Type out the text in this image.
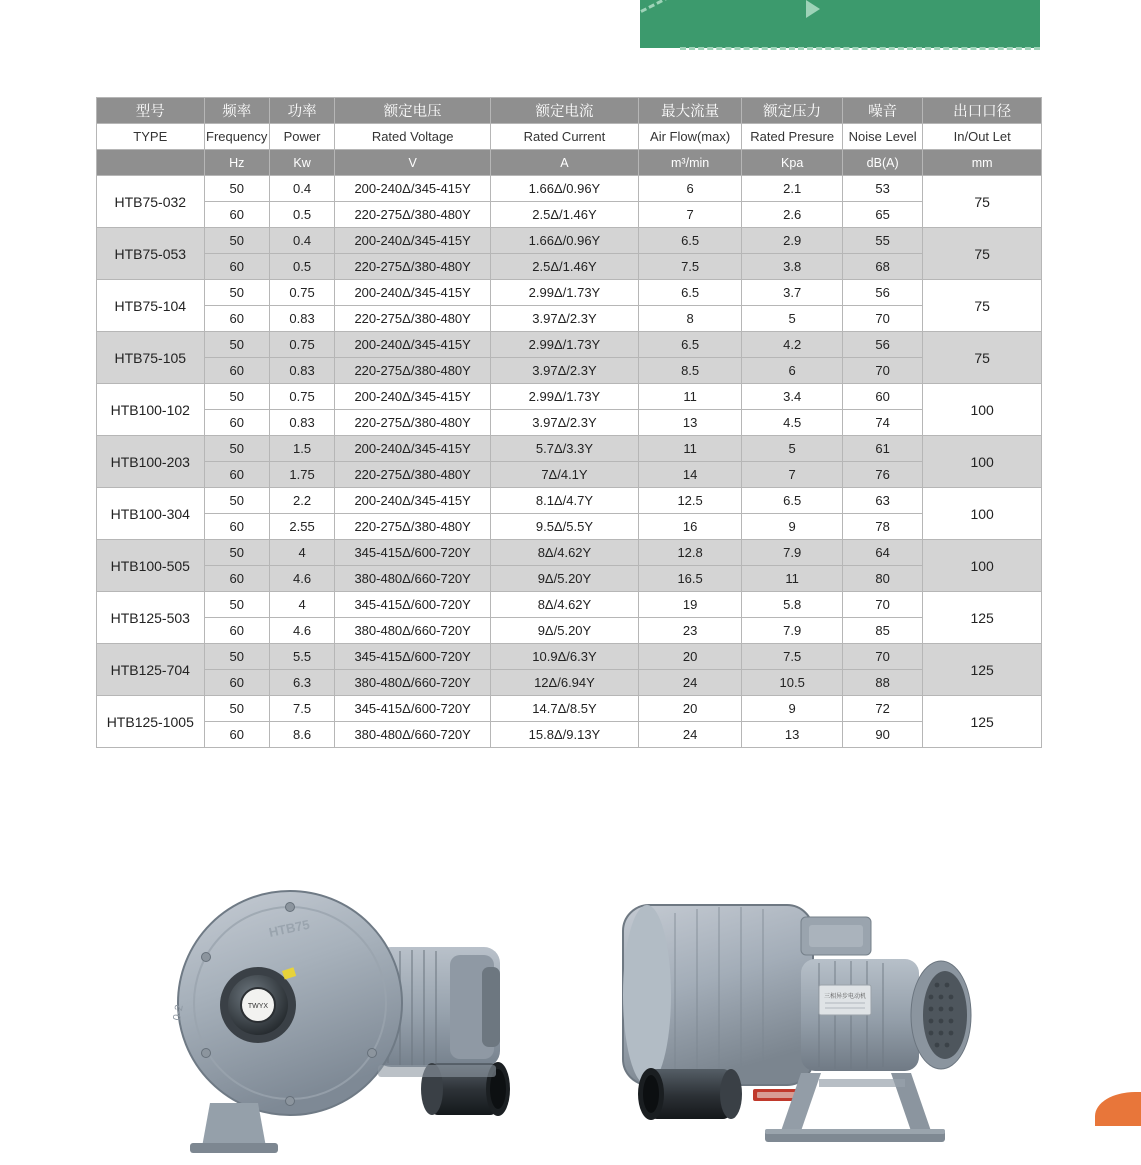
型号	频率	功率	额定电压	额定电流	最大流量	额定压力	噪音	出口口径
TYPE	Frequency	Power	Rated Voltage	Rated Current	Air Flow(max)	Rated Presure	Noise Level	In/Out Let
	Hz	Kw	V	A	m³/min	Kpa	dB(A)	mm
HTB75-032	50	0.4	200-240Δ/345-415Y	1.66Δ/0.96Y	6	2.1	53	75
	60	0.5	220-275Δ/380-480Y	2.5Δ/1.46Y	7	2.6	65	
HTB75-053	50	0.4	200-240Δ/345-415Y	1.66Δ/0.96Y	6.5	2.9	55	75
	60	0.5	220-275Δ/380-480Y	2.5Δ/1.46Y	7.5	3.8	68	
HTB75-104	50	0.75	200-240Δ/345-415Y	2.99Δ/1.73Y	6.5	3.7	56	75
	60	0.83	220-275Δ/380-480Y	3.97Δ/2.3Y	8	5	70	
HTB75-105	50	0.75	200-240Δ/345-415Y	2.99Δ/1.73Y	6.5	4.2	56	75
	60	0.83	220-275Δ/380-480Y	3.97Δ/2.3Y	8.5	6	70	
HTB100-102	50	0.75	200-240Δ/345-415Y	2.99Δ/1.73Y	11	3.4	60	100
	60	0.83	220-275Δ/380-480Y	3.97Δ/2.3Y	13	4.5	74	
HTB100-203	50	1.5	200-240Δ/345-415Y	5.7Δ/3.3Y	11	5	61	100
	60	1.75	220-275Δ/380-480Y	7Δ/4.1Y	14	7	76	
HTB100-304	50	2.2	200-240Δ/345-415Y	8.1Δ/4.7Y	12.5	6.5	63	100
	60	2.55	220-275Δ/380-480Y	9.5Δ/5.5Y	16	9	78	
HTB100-505	50	4	345-415Δ/600-720Y	8Δ/4.62Y	12.8	7.9	64	100
	60	4.6	380-480Δ/660-720Y	9Δ/5.20Y	16.5	11	80	
HTB125-503	50	4	345-415Δ/600-720Y	8Δ/4.62Y	19	5.8	70	125
	60	4.6	380-480Δ/660-720Y	9Δ/5.20Y	23	7.9	85	
HTB125-704	50	5.5	345-415Δ/600-720Y	10.9Δ/6.3Y	20	7.5	70	125
	60	6.3	380-480Δ/660-720Y	12Δ/6.94Y	24	10.5	88	
HTB125-1005	50	7.5	345-415Δ/600-720Y	14.7Δ/8.5Y	20	9	72	125
	60	8.6	380-480Δ/660-720Y	15.8Δ/9.13Y	24	13	90	
TWYX
HTB75
0-2
三相异步电动机
